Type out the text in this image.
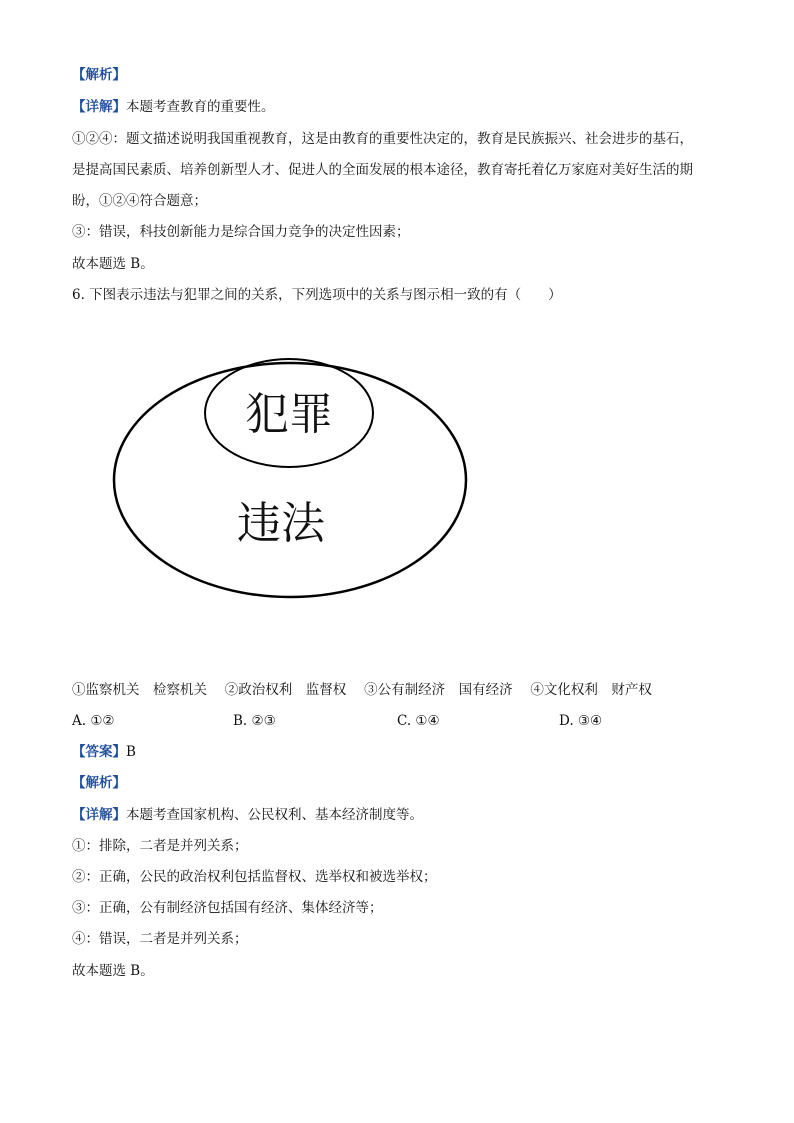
【解析】
【详解】本题考查教育的重要性。
①②④：题文描述说明我国重视教育，这是由教育的重要性决定的，教育是民族振兴、社会进步的基石，
是提高国民素质、培养创新型人才、促进人的全面发展的根本途径，教育寄托着亿万家庭对美好生活的期
盼，①②④符合题意；
③：错误，科技创新能力是综合国力竞争的决定性因素；
故本题选 B。
6. 下图表示违法与犯罪之间的关系，下列选项中的关系与图示相一致的有（　　）
犯罪
违法
①监察机关　检察机关　 ②政治权利　监督权　 ③公有制经济　国有经济　 ④文化权利　财产权
A. ①②	B. ②③	C. ①④	D. ③④
【答案】B
【解析】
【详解】本题考查国家机构、公民权利、基本经济制度等。
①：排除，二者是并列关系；
②：正确，公民的政治权利包括监督权、选举权和被选举权；
③：正确，公有制经济包括国有经济、集体经济等；
④：错误，二者是并列关系；
故本题选 B。
